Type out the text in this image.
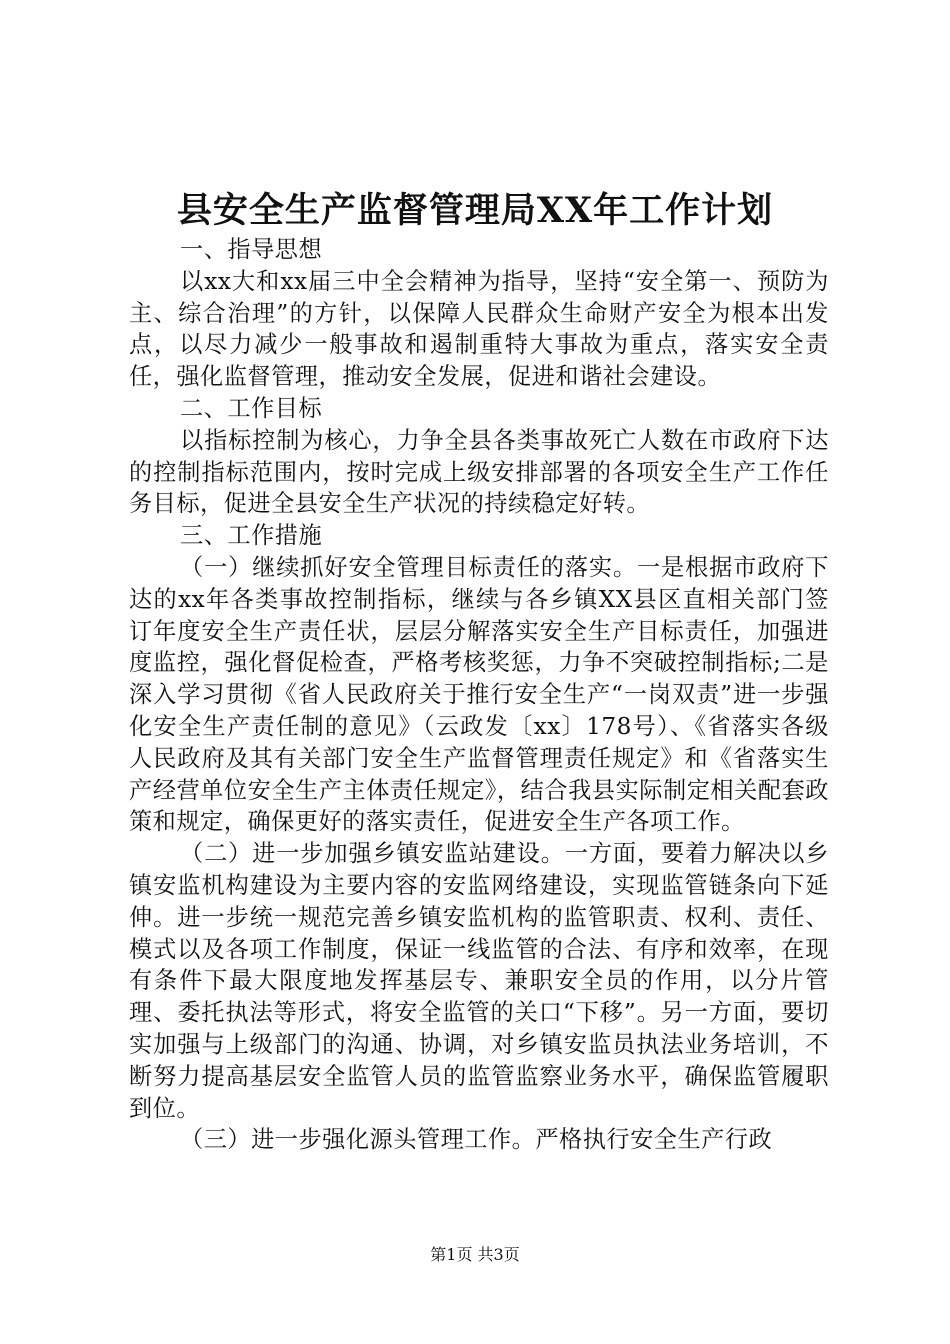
县安全生产监督管理局XX年工作计划

一、指导思想

以xx大和xx届三中全会精神为指导，坚持“安全第一、预防为主、综合治理”的方针，以保障人民群众生命财产安全为根本出发点，以尽力减少一般事故和遏制重特大事故为重点，落实安全责任，强化监督管理，推动安全发展，促进和谐社会建设。

二、工作目标

以指标控制为核心，力争全县各类事故死亡人数在市政府下达的控制指标范围内，按时完成上级安排部署的各项安全生产工作任务目标，促进全县安全生产状况的持续稳定好转。

三、工作措施

（一）继续抓好安全管理目标责任的落实。一是根据市政府下达的xx年各类事故控制指标，继续与各乡镇XX县区直相关部门签订年度安全生产责任状，层层分解落实安全生产目标责任，加强进度监控，强化督促检查，严格考核奖惩，力争不突破控制指标;二是深入学习贯彻《省人民政府关于推行安全生产“一岗双责”进一步强化安全生产责任制的意见》（云政发〔xx〕178号）、《省落实各级人民政府及其有关部门安全生产监督管理责任规定》和《省落实生产经营单位安全生产主体责任规定》，结合我县实际制定相关配套政策和规定，确保更好的落实责任，促进安全生产各项工作。

（二）进一步加强乡镇安监站建设。一方面，要着力解决以乡镇安监机构建设为主要内容的安监网络建设，实现监管链条向下延伸。进一步统一规范完善乡镇安监机构的监管职责、权利、责任、模式以及各项工作制度，保证一线监管的合法、有序和效率，在现有条件下最大限度地发挥基层专、兼职安全员的作用，以分片管理、委托执法等形式，将安全监管的关口“下移”。另一方面，要切实加强与上级部门的沟通、协调，对乡镇安监员执法业务培训，不断努力提高基层安全监管人员的监管监察业务水平，确保监管履职到位。

（三）进一步强化源头管理工作。严格执行安全生产行政

第1页 共3页
